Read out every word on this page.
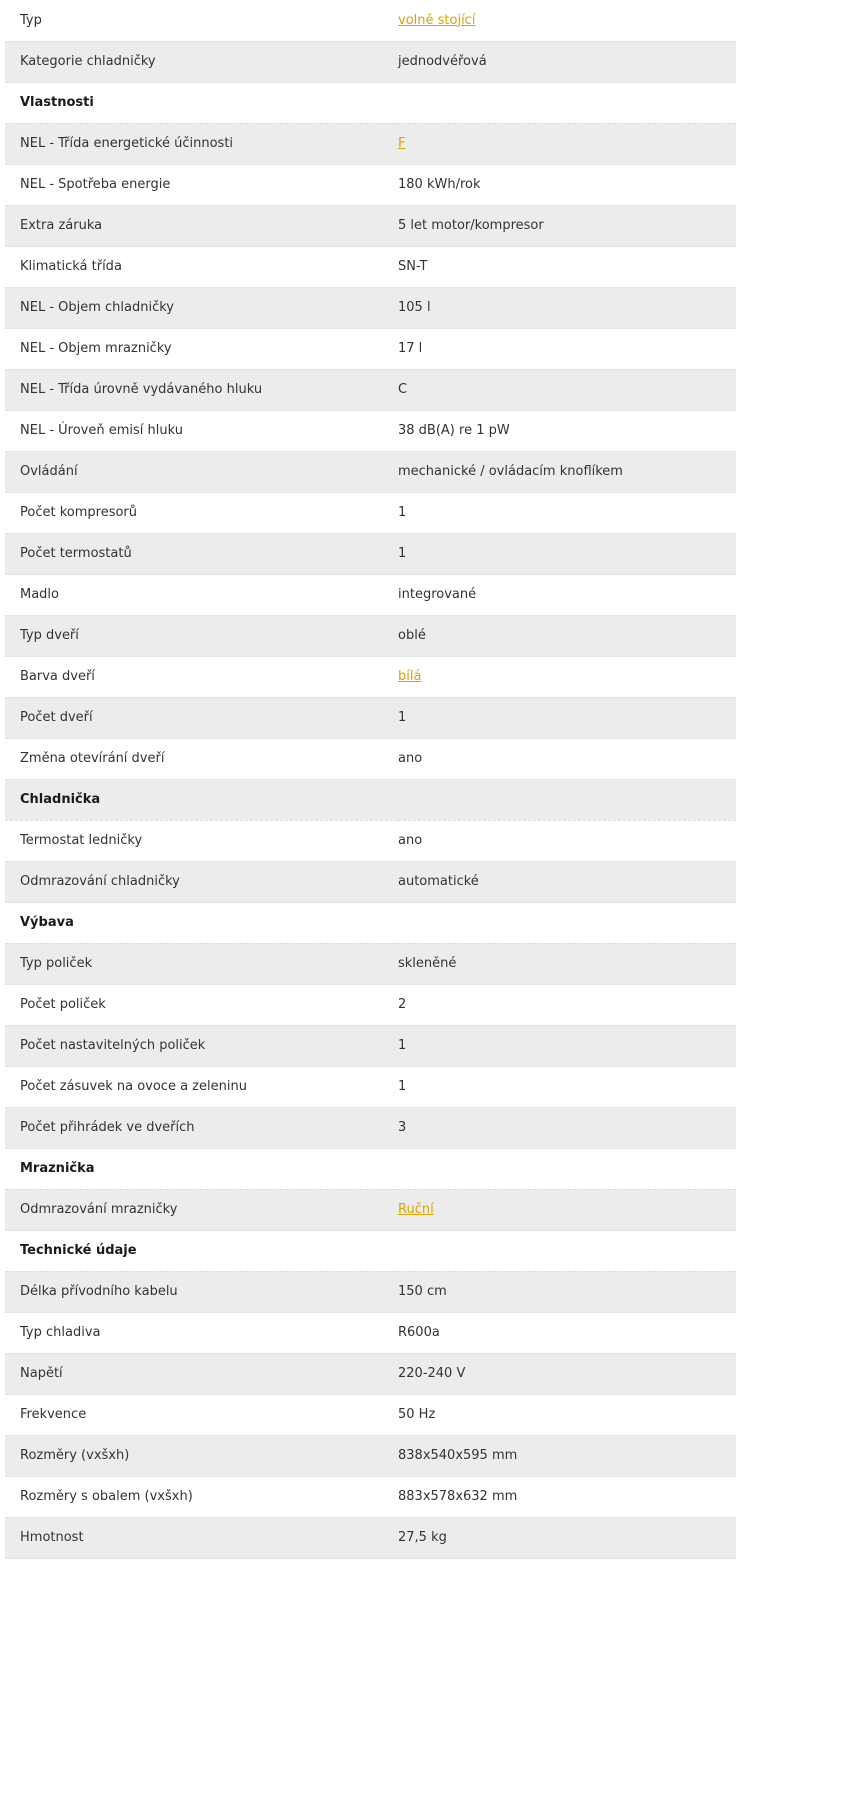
Typ	volně stojící
Kategorie chladničky	jednodvéřová
Vlastnosti	
NEL - Třída energetické účinnosti	F
NEL - Spotřeba energie	180 kWh/rok
Extra záruka	5 let motor/kompresor
Klimatická třída	SN-T
NEL - Objem chladničky	105 l
NEL - Objem mrazničky	17 l
NEL - Třída úrovně vydávaného hluku	C
NEL - Úroveň emisí hluku	38 dB(A) re 1 pW
Ovládání	mechanické / ovládacím knoflíkem
Počet kompresorů	1
Počet termostatů	1
Madlo	integrované
Typ dveří	oblé
Barva dveří	bílá
Počet dveří	1
Změna otevírání dveří	ano
Chladnička	
Termostat ledničky	ano
Odmrazování chladničky	automatické
Výbava	
Typ poliček	skleněné
Počet poliček	2
Počet nastavitelných poliček	1
Počet zásuvek na ovoce a zeleninu	1
Počet přihrádek ve dveřích	3
Mraznička	
Odmrazování mrazničky	Ruční
Technické údaje	
Délka přívodního kabelu	150 cm
Typ chladiva	R600a
Napětí	220-240 V
Frekvence	50 Hz
Rozměry (vxšxh)	838x540x595 mm
Rozměry s obalem (vxšxh)	883x578x632 mm
Hmotnost	27,5 kg
